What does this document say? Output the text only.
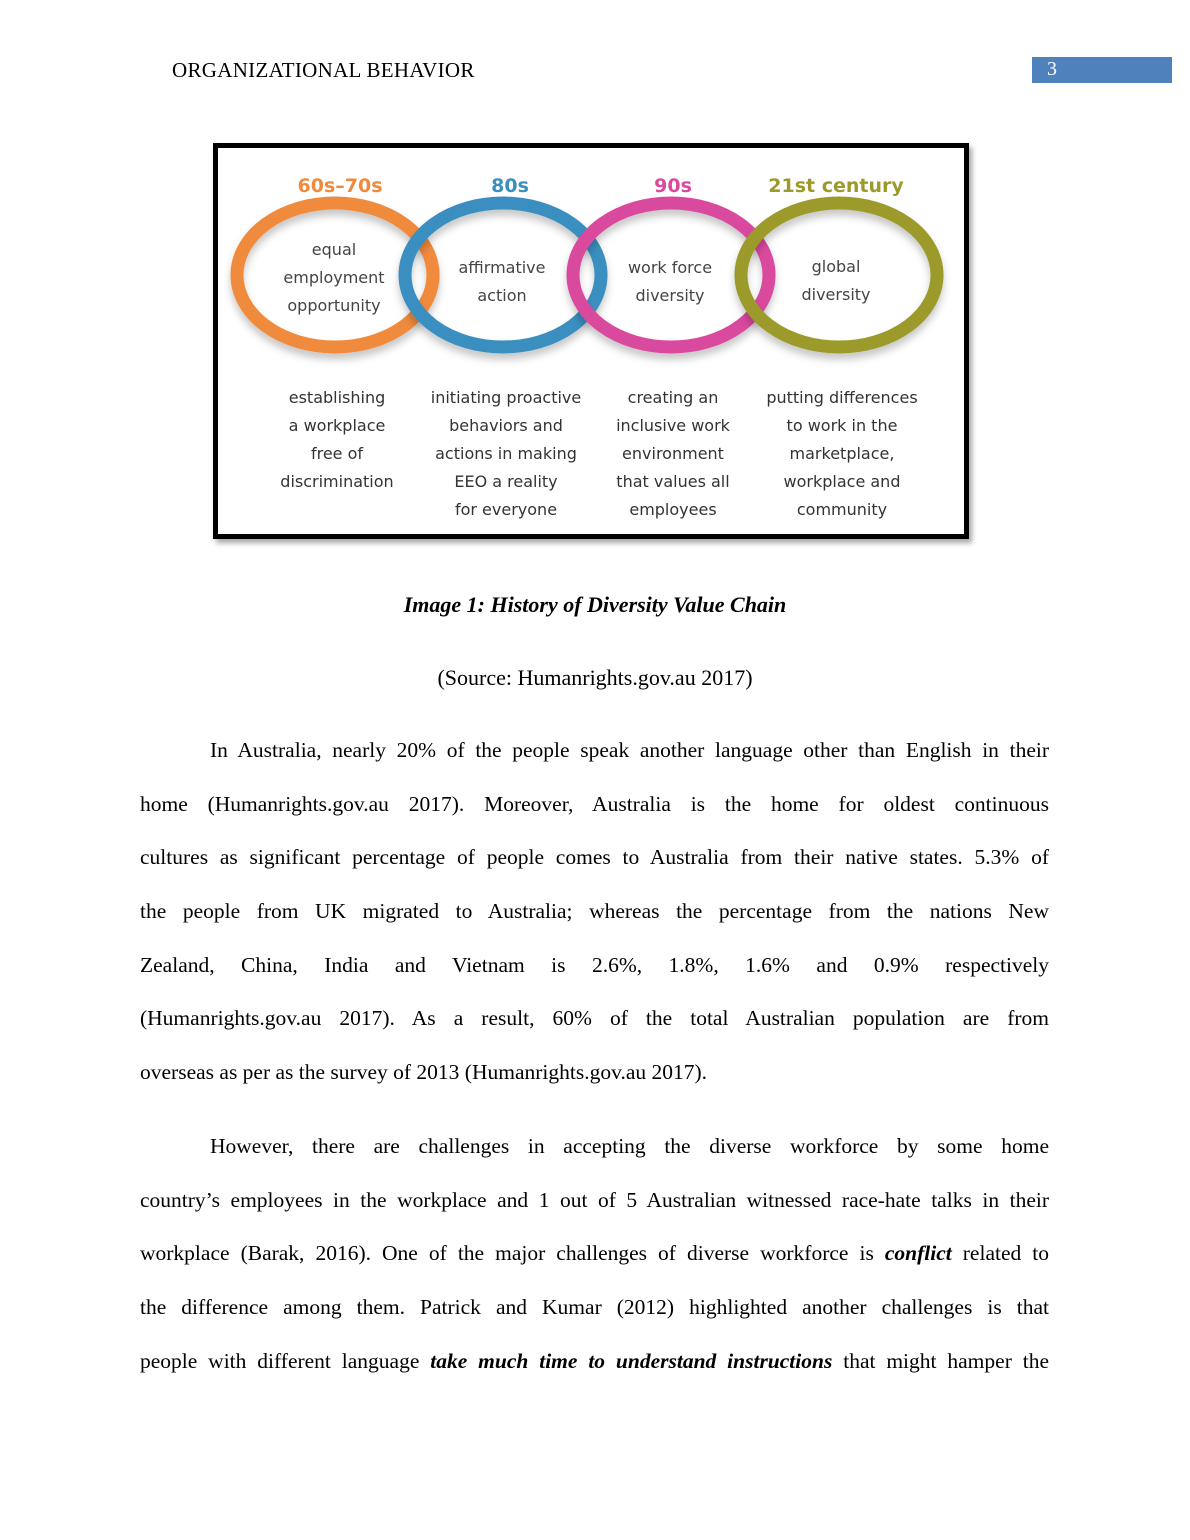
ORGANIZATIONAL BEHAVIOR	3
60s–70s	80s	90s	21st century
equal
employment
opportunity
affirmative
action
work force
diversity
global
diversity
establishing
a workplace
free of
discrimination
initiating proactive
behaviors and
actions in making
EEO a reality
for everyone
creating an
inclusive work
environment
that values all
employees
putting differences
to work in the
marketplace,
workplace and
community
Image 1: History of Diversity Value Chain
(Source: Humanrights.gov.au 2017)
In Australia, nearly 20% of the people speak another language other than English in their
home (Humanrights.gov.au 2017). Moreover, Australia is the home for oldest continuous
cultures as significant percentage of people comes to Australia from their native states. 5.3% of
the people from UK migrated to Australia; whereas the percentage from the nations New
Zealand, China, India and Vietnam is 2.6%, 1.8%, 1.6% and 0.9% respectively
(Humanrights.gov.au 2017). As a result, 60% of the total Australian population are from
overseas as per as the survey of 2013 (Humanrights.gov.au 2017).
However, there are challenges in accepting the diverse workforce by some home
country’s employees in the workplace and 1 out of 5 Australian witnessed race-hate talks in their
workplace (Barak, 2016). One of the major challenges of diverse workforce is conflict related to
the difference among them. Patrick and Kumar (2012) highlighted another challenges is that
people with different language take much time to understand instructions that might hamper the
